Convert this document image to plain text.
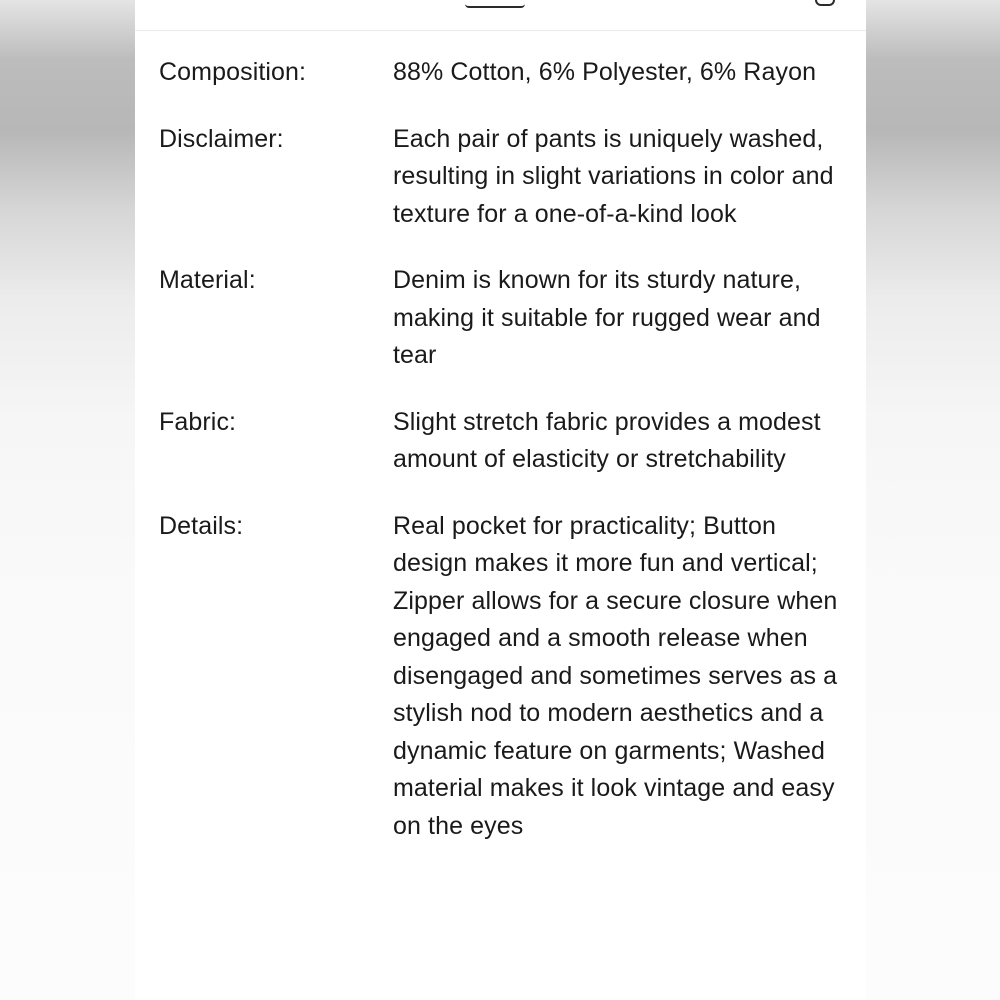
Composition:	88% Cotton, 6% Polyester, 6% Rayon
Disclaimer:	Each pair of pants is uniquely washed, resulting in slight variations in color and texture for a one-of-a-kind look
Material:	Denim is known for its sturdy nature, making it suitable for rugged wear and tear
Fabric:	Slight stretch fabric provides a modest amount of elasticity or stretchability
Details:	Real pocket for practicality; Button design makes it more fun and vertical; Zipper allows for a secure closure when engaged and a smooth release when disengaged and sometimes serves as a stylish nod to modern aesthetics and a dynamic feature on garments; Washed material makes it look vintage and easy on the eyes
